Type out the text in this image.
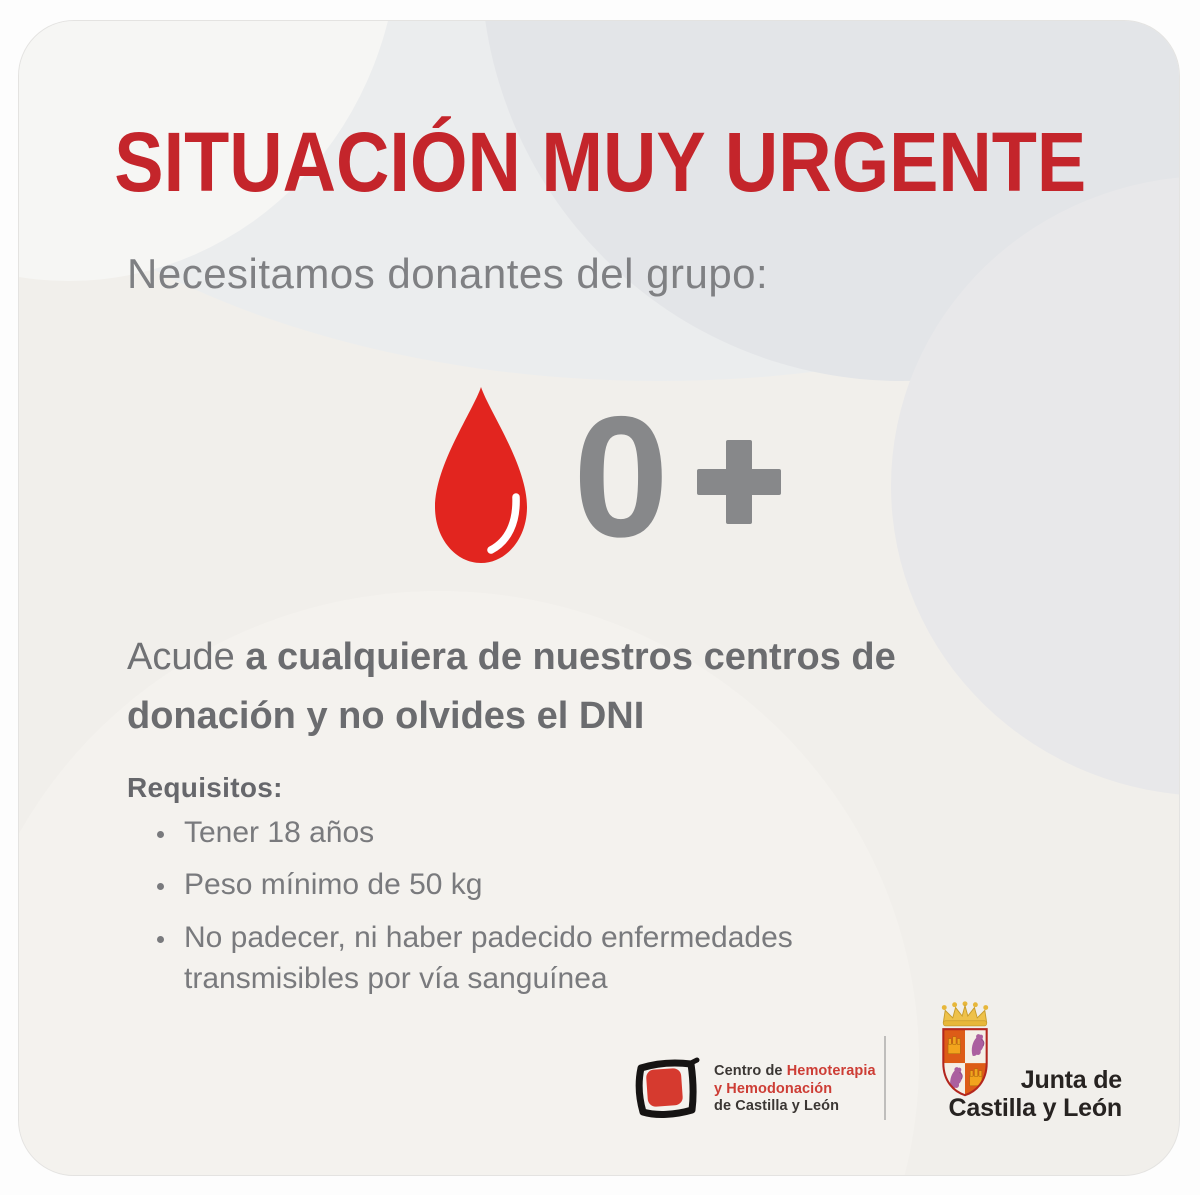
SITUACIÓN MUY URGENTE
Necesitamos donantes del grupo:
0
Acude a cualquiera de nuestros centros de donación y no olvides el DNI
Requisitos:
• Tener 18 años
• Peso mínimo de 50 kg
• No padecer, ni haber padecido enfermedades transmisibles por vía sanguínea
Centro de Hemoterapia
y Hemodonación
de Castilla y León
Junta de
Castilla y León
